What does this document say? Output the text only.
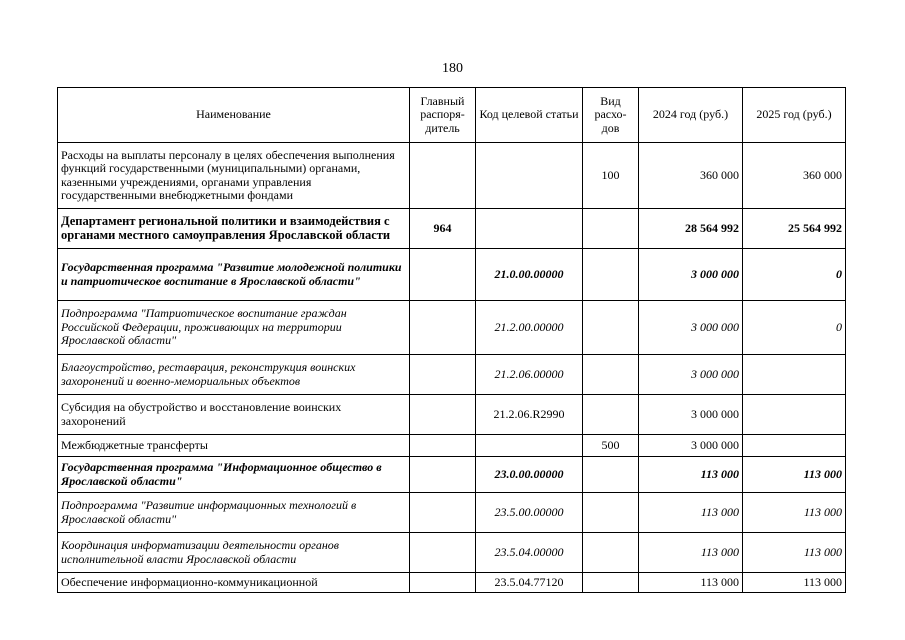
180
Наименование	Главный распоря-дитель	Код целевой статьи	Вид расхо-дов	2024 год (руб.)	2025 год (руб.)
Расходы на выплаты персоналу в целях обеспечения выполнения функций государственными (муниципальными) органами, казенными учреждениями, органами управления государственными внебюджетными фондами			100	360 000	360 000
Департамент региональной политики и взаимодействия с органами местного самоуправления Ярославской области	964			28 564 992	25 564 992
Государственная программа "Развитие молодежной политики и патриотическое воспитание в Ярославской области"		21.0.00.00000		3 000 000	0
Подпрограмма "Патриотическое воспитание граждан Российской Федерации, проживающих на территории Ярославской области"		21.2.00.00000		3 000 000	0
Благоустройство, реставрация, реконструкция воинских захоронений и военно-мемориальных объектов		21.2.06.00000		3 000 000	
Субсидия на обустройство и восстановление воинских захоронений		21.2.06.R2990		3 000 000	
Межбюджетные трансферты			500	3 000 000	
Государственная программа "Информационное общество в Ярославской области"		23.0.00.00000		113 000	113 000
Подпрограмма "Развитие информационных технологий в Ярославской области"		23.5.00.00000		113 000	113 000
Координация информатизации деятельности органов исполнительной власти Ярославской области		23.5.04.00000		113 000	113 000
Обеспечение информационно-коммуникационной		23.5.04.77120		113 000	113 000
